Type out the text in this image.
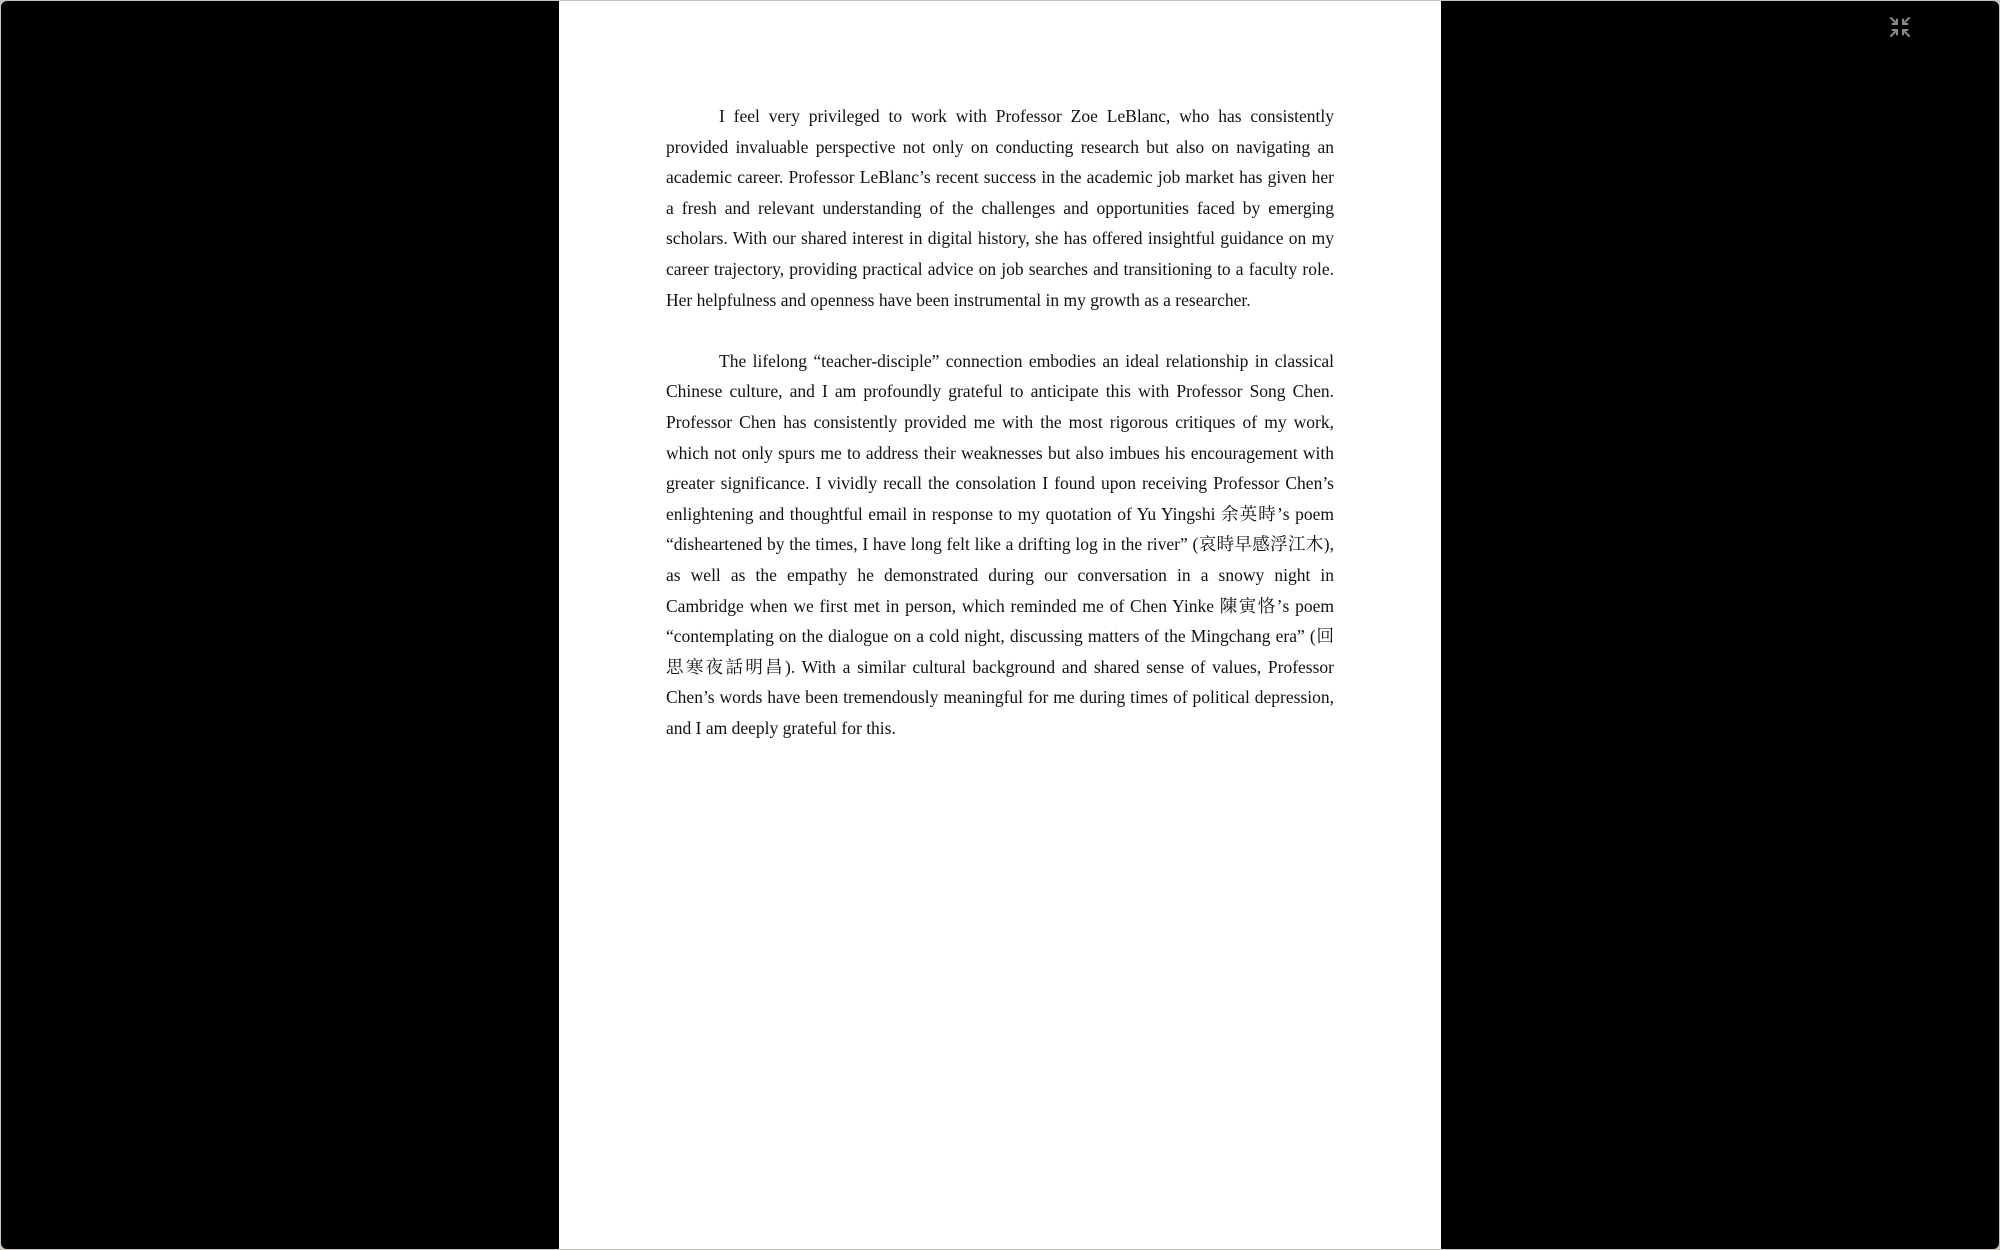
I feel very privileged to work with Professor Zoe LeBlanc, who has consistently provided invaluable perspective not only on conducting research but also on navigating an academic career. Professor LeBlanc’s recent success in the academic job market has given her a fresh and relevant understanding of the challenges and opportunities faced by emerging scholars. With our shared interest in digital history, she has offered insightful guidance on my career trajectory, providing practical advice on job searches and transitioning to a faculty role. Her helpfulness and openness have been instrumental in my growth as a researcher.

The lifelong “teacher-disciple” connection embodies an ideal relationship in classical Chinese culture, and I am profoundly grateful to anticipate this with Professor Song Chen. Professor Chen has consistently provided me with the most rigorous critiques of my work, which not only spurs me to address their weaknesses but also imbues his encouragement with greater significance. I vividly recall the consolation I found upon receiving Professor Chen’s enlightening and thoughtful email in response to my quotation of Yu Yingshi 余英時’s poem “disheartened by the times, I have long felt like a drifting log in the river” (哀時早感浮江木), as well as the empathy he demonstrated during our conversation in a snowy night in Cambridge when we first met in person, which reminded me of Chen Yinke 陳寅恪’s poem “contemplating on the dialogue on a cold night, discussing matters of the Mingchang era” (回思寒夜話明昌). With a similar cultural background and shared sense of values, Professor Chen’s words have been tremendously meaningful for me during times of political depression, and I am deeply grateful for this.
